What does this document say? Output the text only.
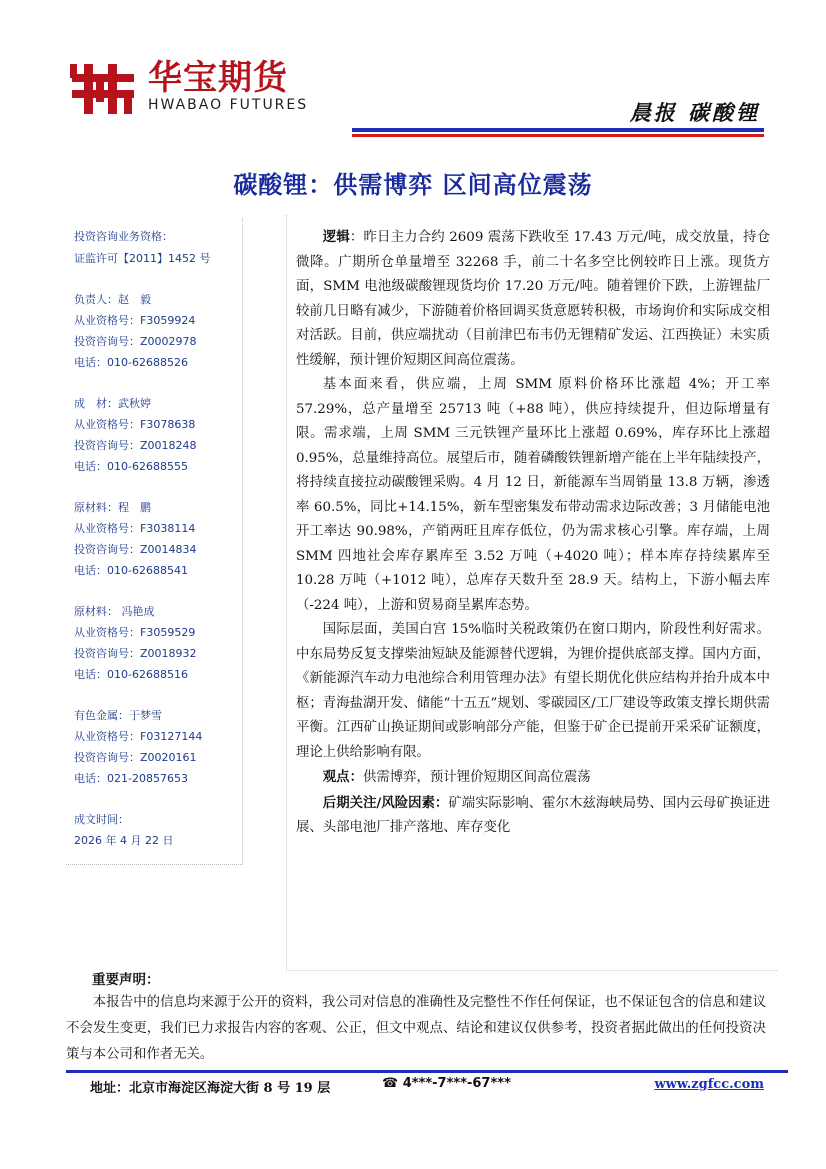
华宝期货
HWABAO FUTURES	晨报 碳酸锂
碳酸锂：供需博弈 区间高位震荡
投资咨询业务资格：
证监许可【2011】1452 号
负责人：赵　毅
从业资格号：F3059924
投资咨询号：Z0002978
电话：010-62688526
成　材：武秋婷
从业资格号：F3078638
投资咨询号：Z0018248
电话：010-62688555
原材料：程　鹏
从业资格号：F3038114
投资咨询号：Z0014834
电话：010-62688541
原材料： 冯艳成
从业资格号：F3059529
投资咨询号：Z0018932
电话：010-62688516
有色金属：于梦雪
从业资格号：F03127144
投资咨询号：Z0020161
电话：021-20857653
成文时间：
2026 年 4 月 22 日

逻辑：昨日主力合约 2609 震荡下跌收至 17.43 万元/吨，成交放量，持仓微降。广期所仓单量增至 32268 手，前二十名多空比例较昨日上涨。现货方面，SMM 电池级碳酸锂现货均价 17.20 万元/吨。随着锂价下跌，上游锂盐厂较前几日略有减少，下游随着价格回调买货意愿转积极，市场询价和实际成交相对活跃。目前，供应端扰动（目前津巴布韦仍无锂精矿发运、江西换证）未实质性缓解，预计锂价短期区间高位震荡。

基本面来看，供应端，上周 SMM 原料价格环比涨超 4%；开工率 57.29%，总产量增至 25713 吨（+88 吨），供应持续提升，但边际增量有限。需求端，上周 SMM 三元铁锂产量环比上涨超 0.69%，库存环比上涨超 0.95%，总量维持高位。展望后市，随着磷酸铁锂新增产能在上半年陆续投产，将持续直接拉动碳酸锂采购。4 月 12 日，新能源车当周销量 13.8 万辆，渗透率 60.5%，同比+14.15%，新车型密集发布带动需求边际改善；3 月储能电池开工率达 90.98%，产销两旺且库存低位，仍为需求核心引擎。库存端，上周 SMM 四地社会库存累库至 3.52 万吨（+4020 吨）；样本库存持续累库至 10.28 万吨（+1012 吨），总库存天数升至 28.9 天。结构上，下游小幅去库（-224 吨），上游和贸易商呈累库态势。

国际层面，美国白宫 15%临时关税政策仍在窗口期内，阶段性利好需求。中东局势反复支撑柴油短缺及能源替代逻辑，为锂价提供底部支撑。国内方面，《新能源汽车动力电池综合利用管理办法》有望长期优化供应结构并抬升成本中枢；青海盐湖开发、储能“十五五”规划、零碳园区/工厂建设等政策支撑长期供需平衡。江西矿山换证期间或影响部分产能，但鉴于矿企已提前开采采矿证额度，理论上供给影响有限。

观点：供需博弈，预计锂价短期区间高位震荡

后期关注/风险因素：矿端实际影响、霍尔木兹海峡局势、国内云母矿换证进展、头部电池厂排产落地、库存变化

重要声明：

本报告中的信息均来源于公开的资料，我公司对信息的准确性及完整性不作任何保证，也不保证包含的信息和建议不会发生变更，我们已力求报告内容的客观、公正，但文中观点、结论和建议仅供参考，投资者据此做出的任何投资决策与本公司和作者无关。

地址：北京市海淀区海淀大街 8 号 19 层	☎ 4***-7***-67***	www.zgfcc.com
